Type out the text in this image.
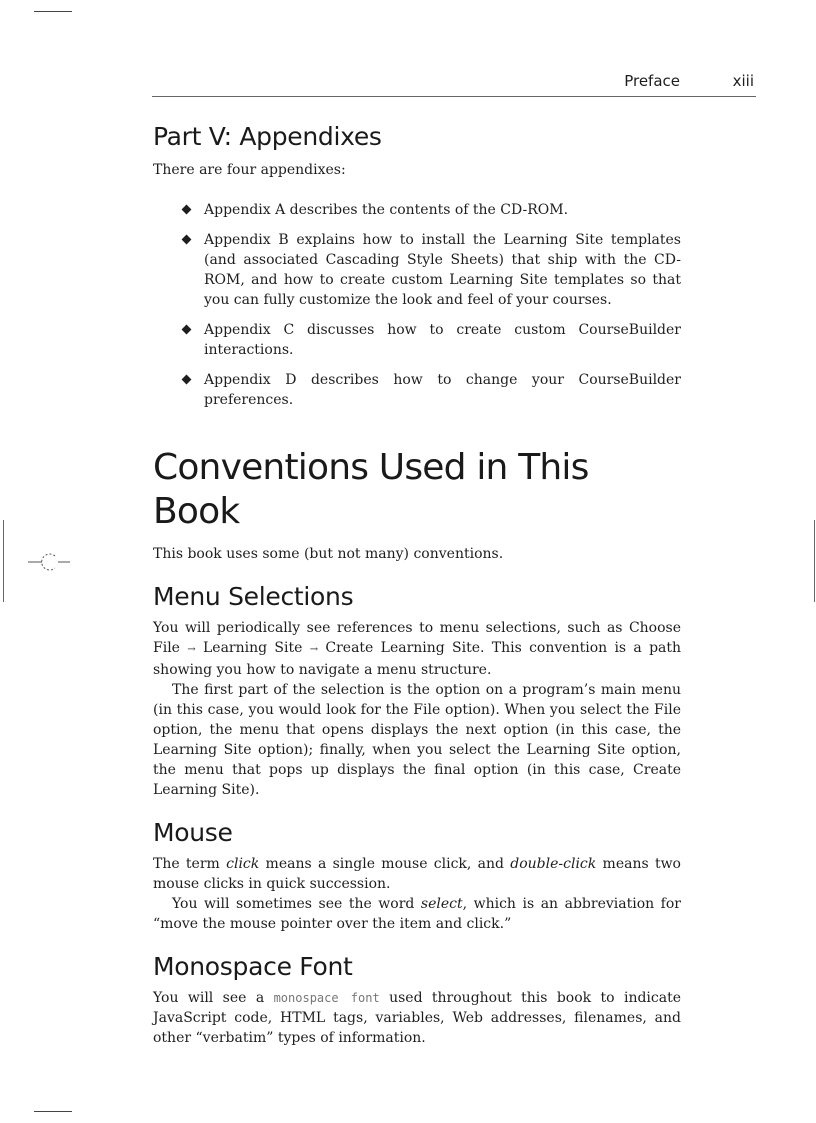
Preface	xiii
Part V: Appendixes

There are four appendixes:

Appendix A describes the contents of the CD-ROM.
Appendix B explains how to install the Learning Site templates (and associated Cascading Style Sheets) that ship with the CD-ROM, and how to create custom Learning Site templates so that you can fully customize the look and feel of your courses.
Appendix C discusses how to create custom CourseBuilder interactions.
Appendix D describes how to change your CourseBuilder preferences.
Conventions Used in This Book

This book uses some (but not many) conventions.

Menu Selections

You will periodically see references to menu selections, such as Choose File → Learning Site → Create Learning Site. This convention is a path showing you how to navigate a menu structure.

The first part of the selection is the option on a program’s main menu (in this case, you would look for the File option). When you select the File option, the menu that opens displays the next option (in this case, the Learning Site option); finally, when you select the Learning Site option, the menu that pops up displays the final option (in this case, Create Learning Site).

Mouse

The term click means a single mouse click, and double-click means two mouse clicks in quick succession.

You will sometimes see the word select, which is an abbreviation for “move the mouse pointer over the item and click.”

Monospace Font

You will see a monospace font used throughout this book to indicate JavaScript code, HTML tags, variables, Web addresses, filenames, and other “verbatim” types of information.
